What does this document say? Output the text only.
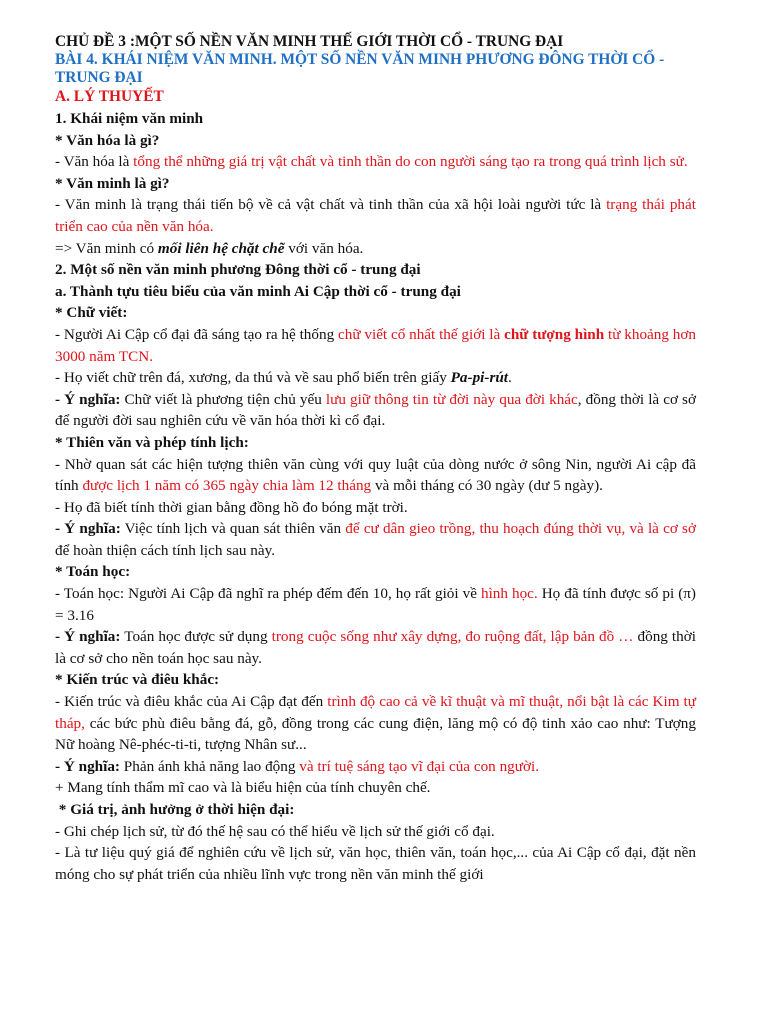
CHỦ ĐỀ 3 :MỘT SỐ NỀN VĂN MINH THẾ GIỚI THỜI CỔ - TRUNG ĐẠI
BÀI 4. KHÁI NIỆM VĂN MINH. MỘT SỐ NỀN VĂN MINH PHƯƠNG ĐÔNG THỜI CỔ - TRUNG ĐẠI
A. LÝ THUYẾT
1. Khái niệm văn minh
* Văn hóa là gì?
- Văn hóa là tổng thể những giá trị vật chất và tinh thần do con người sáng tạo ra trong quá trình lịch sử.
* Văn minh là gì?
- Văn minh là trạng thái tiến bộ về cả vật chất và tinh thần của xã hội loài người tức là trạng thái phát triển cao của nền văn hóa.
=> Văn minh có mối liên hệ chặt chẽ với văn hóa.
2. Một số nền văn minh phương Đông thời cổ - trung đại
a. Thành tựu tiêu biểu của văn minh Ai Cập thời cổ - trung đại
* Chữ viết:
- Người Ai Cập cổ đại đã sáng tạo ra hệ thống chữ viết cổ nhất thế giới là chữ tượng hình từ khoảng hơn 3000 năm TCN.
- Họ viết chữ trên đá, xương, da thú và về sau phổ biến trên giấy Pa-pi-rút.
- Ý nghĩa: Chữ viết là phương tiện chủ yếu lưu giữ thông tin từ đời này qua đời khác, đồng thời là cơ sở để người đời sau nghiên cứu về văn hóa thời kì cổ đại.
* Thiên văn và phép tính lịch:
- Nhờ quan sát các hiện tượng thiên văn cùng với quy luật của dòng nước ở sông Nin, người Ai cập đã tính được lịch 1 năm có 365 ngày chia làm 12 tháng và mỗi tháng có 30 ngày (dư 5 ngày).
- Họ đã biết tính thời gian bằng đồng hồ đo bóng mặt trời.
- Ý nghĩa: Việc tính lịch và quan sát thiên văn để cư dân gieo trồng, thu hoạch đúng thời vụ, và là cơ sở để hoàn thiện cách tính lịch sau này.
* Toán học:
- Toán học: Người Ai Cập đã nghĩ ra phép đếm đến 10, họ rất giỏi về hình học. Họ đã tính được số pi (π) = 3.16
- Ý nghĩa: Toán học được sử dụng trong cuộc sống như xây dựng, đo ruộng đất, lập bản đồ … đồng thời là cơ sở cho nền toán học sau này.
* Kiến trúc và điêu khắc:
- Kiến trúc và điêu khắc của Ai Cập đạt đến trình độ cao cả về kĩ thuật và mĩ thuật, nổi bật là các Kim tự tháp, các bức phù điêu bằng đá, gỗ, đồng trong các cung điện, lăng mộ có độ tinh xảo cao như: Tượng Nữ hoàng Nê-phéc-ti-ti, tượng Nhân sư...
- Ý nghĩa: Phản ánh khả năng lao động và trí tuệ sáng tạo vĩ đại của con người.
+ Mang tính thẩm mĩ cao và là biểu hiện của tính chuyên chế.
* Giá trị, ảnh hưởng ở thời hiện đại:
- Ghi chép lịch sử, từ đó thế hệ sau có thể hiểu về lịch sử thế giới cổ đại.
- Là tư liệu quý giá để nghiên cứu về lịch sử, văn học, thiên văn, toán học,... của Ai Cập cổ đại, đặt nền móng cho sự phát triển của nhiều lĩnh vực trong nền văn minh thế giới
